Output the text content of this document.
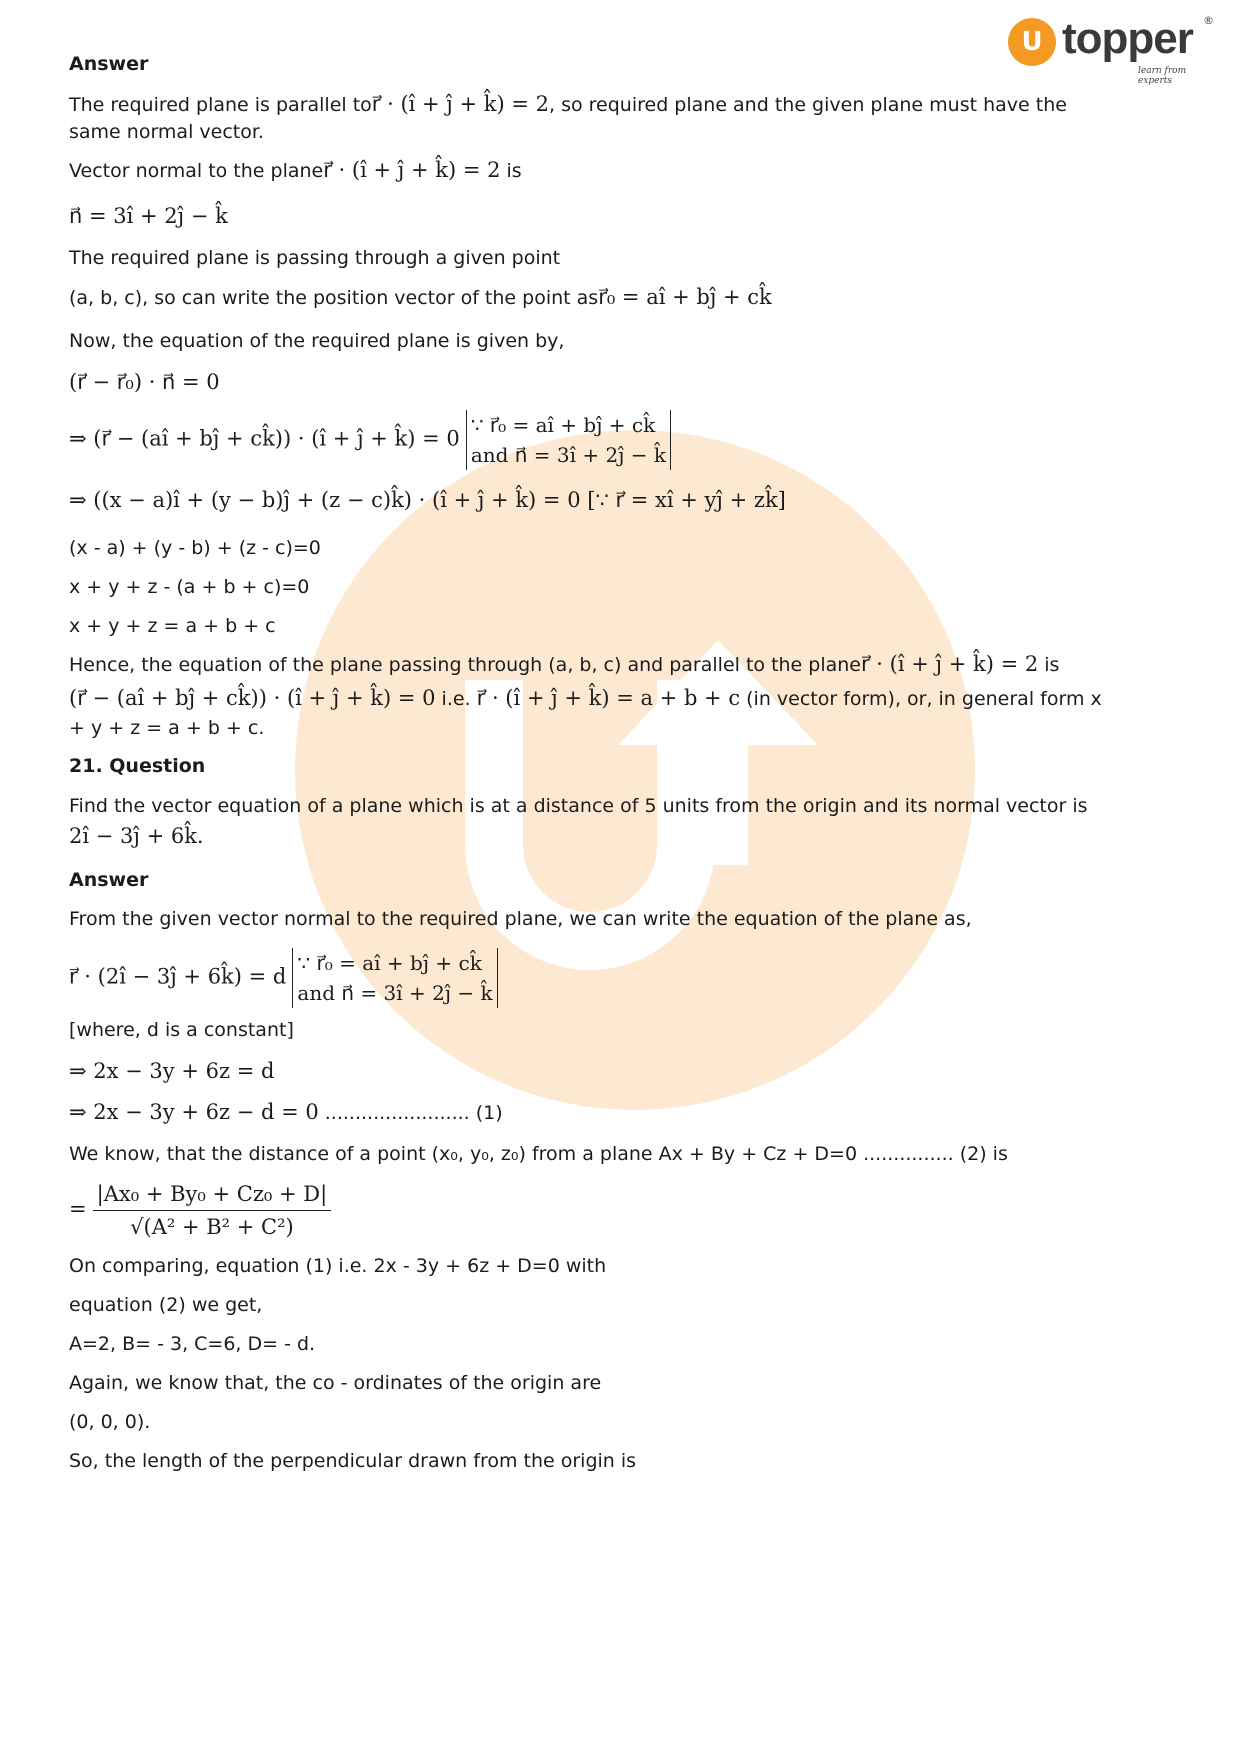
U topper
learn from experts
®
Answer
The required plane is parallel tor⃗ · (î + ĵ + k̂) = 2, so required plane and the given plane must have the
same normal vector.
Vector normal to the planer⃗ · (î + ĵ + k̂) = 2 is
n⃗ = 3î + 2ĵ − k̂
The required plane is passing through a given point
(a, b, c), so can write the position vector of the point asr⃗₀ = aî + bĵ + ck̂
Now, the equation of the required plane is given by,
(r⃗ − r⃗₀) · n⃗ = 0
⇒ (r⃗ − (aî + bĵ + ck̂)) · (î + ĵ + k̂) = 0 ∵ r⃗₀ = aî + bĵ + ck̂
and n⃗ = 3î + 2ĵ − k̂
⇒ ((x − a)î + (y − b)ĵ + (z − c)k̂) · (î + ĵ + k̂) = 0 [∵ r⃗ = xî + yĵ + zk̂]
(x - a) + (y - b) + (z - c)=0
x + y + z - (a + b + c)=0
x + y + z = a + b + c
Hence, the equation of the plane passing through (a, b, c) and parallel to the planer⃗ · (î + ĵ + k̂) = 2 is
(r⃗ − (aî + bĵ + ck̂)) · (î + ĵ + k̂) = 0 i.e. r⃗ · (î + ĵ + k̂) = a + b + c (in vector form), or, in general form x
+ y + z = a + b + c.
21. Question
Find the vector equation of a plane which is at a distance of 5 units from the origin and its normal vector is
2î − 3ĵ + 6k̂.
Answer
From the given vector normal to the required plane, we can write the equation of the plane as,
r⃗ · (2î − 3ĵ + 6k̂) = d ∵ r⃗₀ = aî + bĵ + ck̂
and n⃗ = 3î + 2ĵ − k̂
[where, d is a constant]
⇒ 2x − 3y + 6z = d
⇒ 2x − 3y + 6z − d = 0 ........................ (1)
We know, that the distance of a point (x₀, y₀, z₀) from a plane Ax + By + Cz + D=0 ............... (2) is
= $\frac{\text{|Ax₀ + By₀ + Cz₀ + D|}}{\text{√(A² + B² + C²)}}$
On comparing, equation (1) i.e. 2x - 3y + 6z + D=0 with
equation (2) we get,
A=2, B= - 3, C=6, D= - d.
Again, we know that, the co - ordinates of the origin are
(0, 0, 0).
So, the length of the perpendicular drawn from the origin is
